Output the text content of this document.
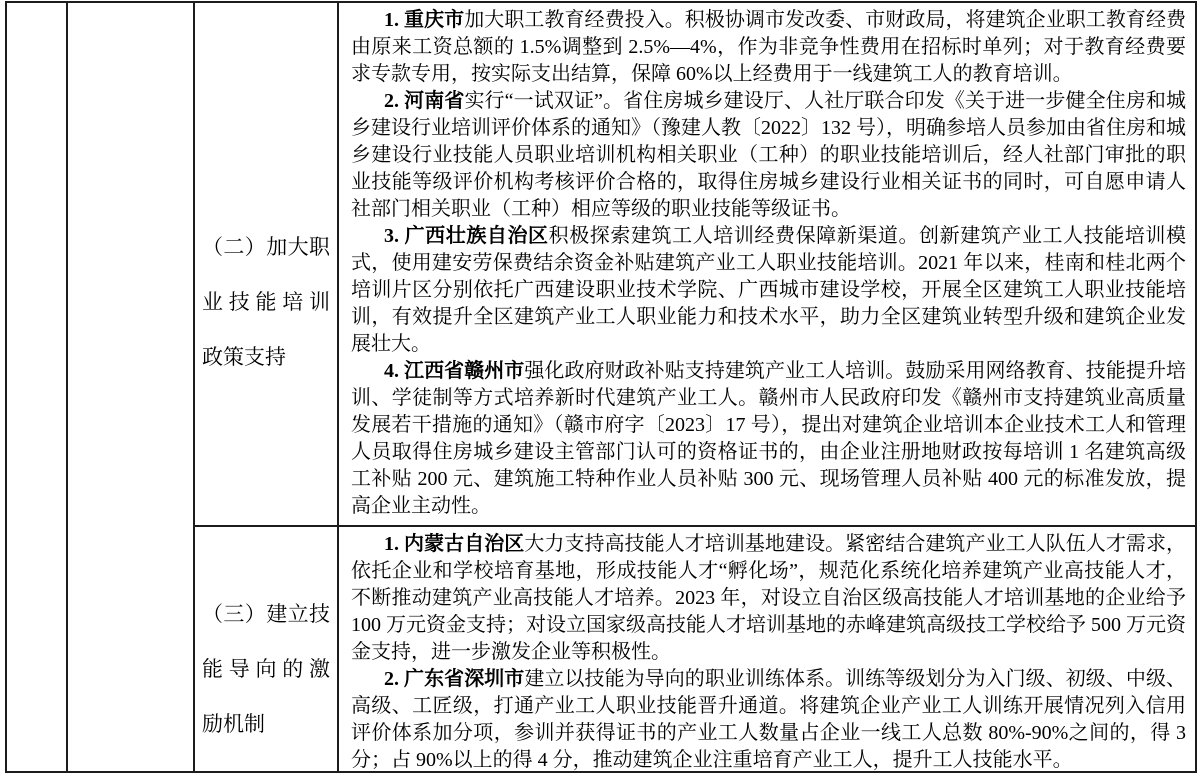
（二）加大职
业技能培训
政策支持

1. 重庆市加大职工教育经费投入。积极协调市发改委、市财政局，将建筑企业职工教育经费由原来工资总额的 1.5%调整到 2.5%—4%，作为非竞争性费用在招标时单列；对于教育经费要求专款专用，按实际支出结算，保障 60%以上经费用于一线建筑工人的教育培训。

2. 河南省实行“一试双证”。省住房城乡建设厅、人社厅联合印发《关于进一步健全住房和城乡建设行业培训评价体系的通知》（豫建人教〔2022〕132 号），明确参培人员参加由省住房和城乡建设行业技能人员职业培训机构相关职业（工种）的职业技能培训后，经人社部门审批的职业技能等级评价机构考核评价合格的，取得住房城乡建设行业相关证书的同时，可自愿申请人社部门相关职业（工种）相应等级的职业技能等级证书。

3. 广西壮族自治区积极探索建筑工人培训经费保障新渠道。创新建筑产业工人技能培训模式，使用建安劳保费结余资金补贴建筑产业工人职业技能培训。2021 年以来，桂南和桂北两个培训片区分别依托广西建设职业技术学院、广西城市建设学校，开展全区建筑工人职业技能培训，有效提升全区建筑产业工人职业能力和技术水平，助力全区建筑业转型升级和建筑企业发展壮大。

4. 江西省赣州市强化政府财政补贴支持建筑产业工人培训。鼓励采用网络教育、技能提升培训、学徒制等方式培养新时代建筑产业工人。赣州市人民政府印发《赣州市支持建筑业高质量发展若干措施的通知》（赣市府字〔2023〕17 号），提出对建筑企业培训本企业技术工人和管理人员取得住房城乡建设主管部门认可的资格证书的，由企业注册地财政按每培训 1 名建筑高级工补贴 200 元、建筑施工特种作业人员补贴 300 元、现场管理人员补贴 400 元的标准发放，提高企业主动性。

（三）建立技
能导向的激
励机制

1. 内蒙古自治区大力支持高技能人才培训基地建设。紧密结合建筑产业工人队伍人才需求，依托企业和学校培育基地，形成技能人才“孵化场”，规范化系统化培养建筑产业高技能人才，不断推动建筑产业高技能人才培养。2023 年，对设立自治区级高技能人才培训基地的企业给予 100 万元资金支持；对设立国家级高技能人才培训基地的赤峰建筑高级技工学校给予 500 万元资金支持，进一步激发企业等积极性。

2. 广东省深圳市建立以技能为导向的职业训练体系。训练等级划分为入门级、初级、中级、高级、工匠级，打通产业工人职业技能晋升通道。将建筑企业产业工人训练开展情况列入信用评价体系加分项，参训并获得证书的产业工人数量占企业一线工人总数 80%-90%之间的，得 3 分；占 90%以上的得 4 分，推动建筑企业注重培育产业工人，提升工人技能水平。
